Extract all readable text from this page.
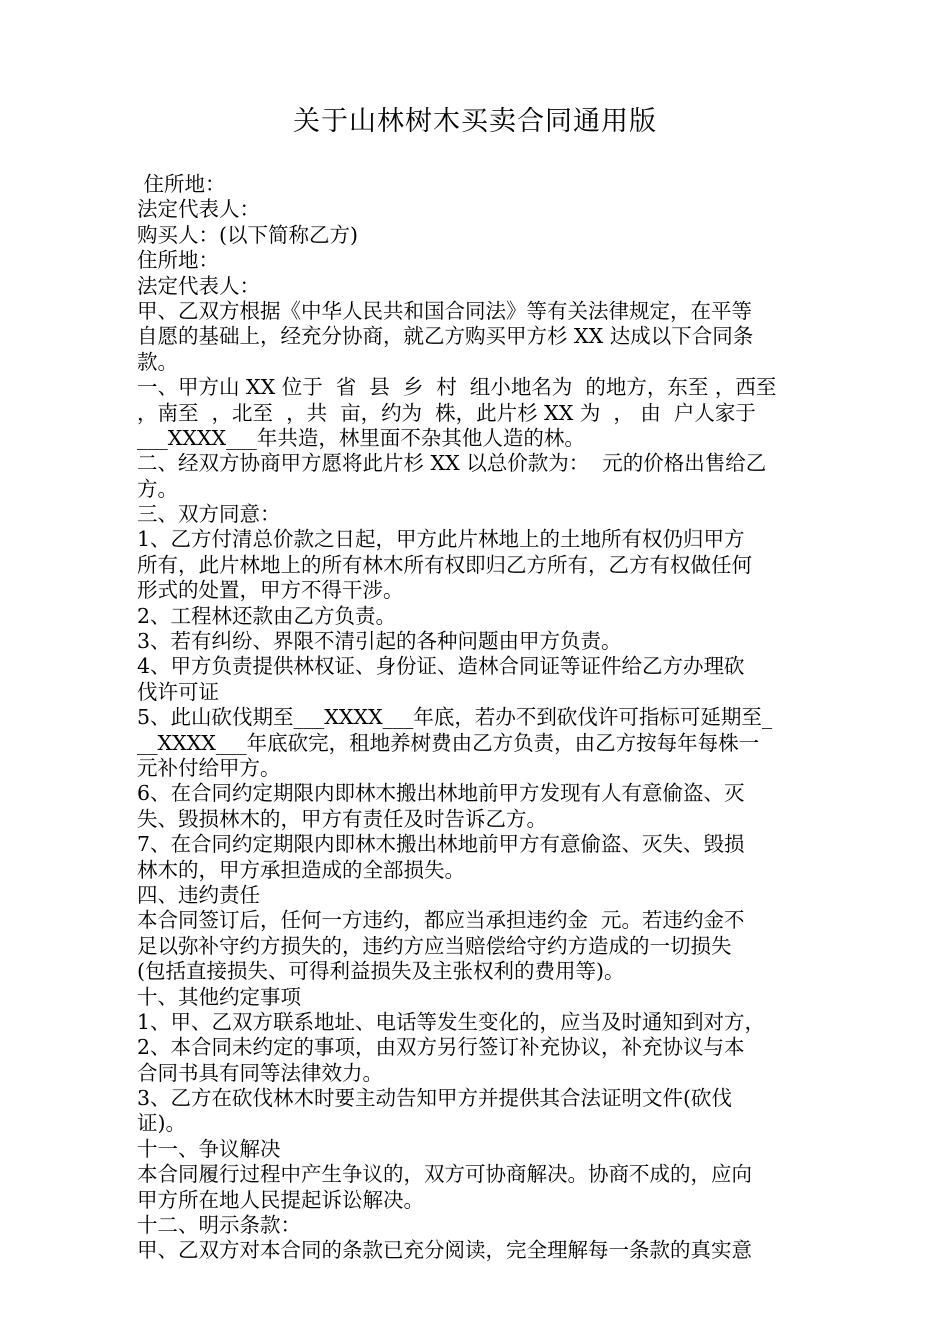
关于山林树木买卖合同通用版
住所地：
法定代表人：
购买人：(以下简称乙方)
住所地：
法定代表人：
甲、乙双方根据《中华人民共和国合同法》等有关法律规定，在平等
自愿的基础上，经充分协商，就乙方购买甲方杉 XX 达成以下合同条
款。
一、甲方山 XX 位于  省  县  乡  村  组小地名为  的地方，东至 ，西至
，南至  ，北至  ，共  亩，约为  株，此片杉 XX 为  ， 由  户人家于
___XXXX___年共造，林里面不杂其他人造的林。
二、经双方协商甲方愿将此片杉 XX 以总价款为：  元的价格出售给乙
方。
三、双方同意：
1、乙方付清总价款之日起，甲方此片林地上的土地所有权仍归甲方
所有，此片林地上的所有林木所有权即归乙方所有，乙方有权做任何
形式的处置，甲方不得干涉。
2、工程林还款由乙方负责。
3、若有纠纷、界限不清引起的各种问题由甲方负责。
4、甲方负责提供林权证、身份证、造林合同证等证件给乙方办理砍
伐许可证
5、此山砍伐期至___XXXX___年底，若办不到砍伐许可指标可延期至_
__XXXX___年底砍完，租地养树费由乙方负责，由乙方按每年每株一
元补付给甲方。
6、在合同约定期限内即林木搬出林地前甲方发现有人有意偷盗、灭
失、毁损林木的，甲方有责任及时告诉乙方。
7、在合同约定期限内即林木搬出林地前甲方有意偷盗、灭失、毁损
林木的，甲方承担造成的全部损失。
四、违约责任
本合同签订后，任何一方违约，都应当承担违约金  元。若违约金不
足以弥补守约方损失的，违约方应当赔偿给守约方造成的一切损失
(包括直接损失、可得利益损失及主张权利的费用等)。
十、其他约定事项
1、甲、乙双方联系地址、电话等发生变化的，应当及时通知到对方，
2、本合同未约定的事项，由双方另行签订补充协议，补充协议与本
合同书具有同等法律效力。
3、乙方在砍伐林木时要主动告知甲方并提供其合法证明文件(砍伐
证)。
十一、争议解决
本合同履行过程中产生争议的，双方可协商解决。协商不成的，应向
甲方所在地人民提起诉讼解决。
十二、明示条款：
甲、乙双方对本合同的条款已充分阅读，完全理解每一条款的真实意
